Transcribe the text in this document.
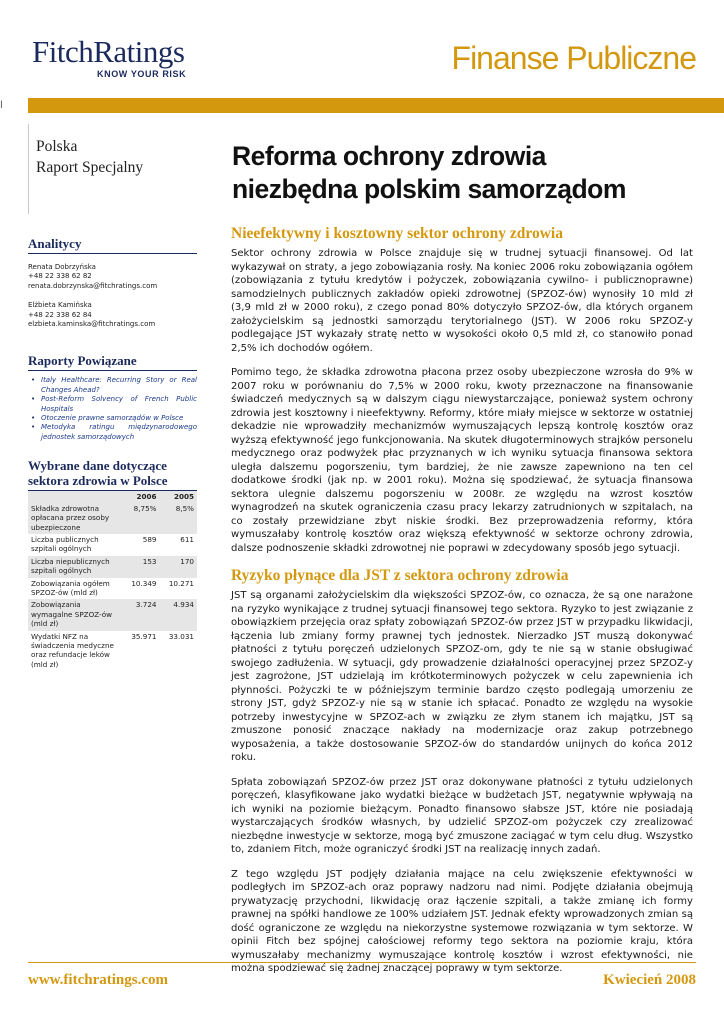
FitchRatings
KNOW YOUR RISK	Finanse Publiczne
l
Polska
Raport Specjalny	Reforma ochrony zdrowia
niezbędna polskim samorządom
Analitycy
Renata Dobrzyńska
+48 22 338 62 82
renata.dobrzynska@fitchratings.com
Elżbieta Kamińska
+48 22 338 62 84
elzbieta.kaminska@fitchratings.com
Raporty Powiązane
• Italy Healthcare: Recurring Story or Real Changes Ahead?
• Post-Reform Solvency of French Public Hospitals
• Otoczenie prawne samorządów w Polsce
• Metodyka ratingu międzynarodowego jednostek samorządowych
Wybrane dane dotyczące sektora zdrowia w Polsce
	2006	2005
Składka zdrowotna opłacana przez osoby ubezpieczone	8,75%	8,5%
Liczba publicznych szpitali ogólnych	589	611
Liczba niepublicznych szpitali ogólnych	153	170
Zobowiązania ogółem SPZOZ-ów (mld zł)	10.349	10.271
Zobowiązania wymagalne SPZOZ-ów (mld zł)	3.724	4.934
Wydatki NFZ na świadczenia medyczne oraz refundacje leków (mld zł)	35.971	33.031
Nieefektywny i kosztowny sektor ochrony zdrowia

Sektor ochrony zdrowia w Polsce znajduje się w trudnej sytuacji finansowej. Od lat wykazywał on straty, a jego zobowiązania rosły. Na koniec 2006 roku zobowiązania ogółem (zobowiązania z tytułu kredytów i pożyczek, zobowiązania cywilno- i publicznoprawne) samodzielnych publicznych zakładów opieki zdrowotnej (SPZOZ-ów) wynosiły 10 mld zł (3,9 mld zł w 2000 roku), z czego ponad 80% dotyczyło SPZOZ-ów, dla których organem założycielskim są jednostki samorządu terytorialnego (JST). W 2006 roku SPZOZ-y podlegające JST wykazały stratę netto w wysokości około 0,5 mld zł, co stanowiło ponad 2,5% ich dochodów ogółem.

Pomimo tego, że składka zdrowotna płacona przez osoby ubezpieczone wzrosła do 9% w 2007 roku w porównaniu do 7,5% w 2000 roku, kwoty przeznaczone na finansowanie świadczeń medycznych są w dalszym ciągu niewystarczające, ponieważ system ochrony zdrowia jest kosztowny i nieefektywny. Reformy, które miały miejsce w sektorze w ostatniej dekadzie nie wprowadziły mechanizmów wymuszających lepszą kontrolę kosztów oraz wyższą efektywność jego funkcjonowania. Na skutek długoterminowych strajków personelu medycznego oraz podwyżek płac przyznanych w ich wyniku sytuacja finansowa sektora uległa dalszemu pogorszeniu, tym bardziej, że nie zawsze zapewniono na ten cel dodatkowe środki (jak np. w 2001 roku). Można się spodziewać, że sytuacja finansowa sektora ulegnie dalszemu pogorszeniu w 2008r. ze względu na wzrost kosztów wynagrodzeń na skutek ograniczenia czasu pracy lekarzy zatrudnionych w szpitalach, na co zostały przewidziane zbyt niskie środki. Bez przeprowadzenia reformy, która wymuszałaby kontrolę kosztów oraz większą efektywność w sektorze ochrony zdrowia, dalsze podnoszenie składki zdrowotnej nie poprawi w zdecydowany sposób jego sytuacji.

Ryzyko płynące dla JST z sektora ochrony zdrowia

JST są organami założycielskim dla większości SPZOZ-ów, co oznacza, że są one narażone na ryzyko wynikające z trudnej sytuacji finansowej tego sektora. Ryzyko to jest związanie z obowiązkiem przejęcia oraz spłaty zobowiązań SPZOZ-ów przez JST w przypadku likwidacji, łączenia lub zmiany formy prawnej tych jednostek. Nierzadko JST muszą dokonywać płatności z tytułu poręczeń udzielonych SPZOZ-om, gdy te nie są w stanie obsługiwać swojego zadłużenia. W sytuacji, gdy prowadzenie działalności operacyjnej przez SPZOZ-y jest zagrożone, JST udzielają im krótkoterminowych pożyczek w celu zapewnienia ich płynności. Pożyczki te w późniejszym terminie bardzo często podlegają umorzeniu ze strony JST, gdyż SPZOZ-y nie są w stanie ich spłacać. Ponadto ze względu na wysokie potrzeby inwestycyjne w SPZOZ-ach w związku ze złym stanem ich majątku, JST są zmuszone ponosić znaczące nakłady na modernizacje oraz zakup potrzebnego wyposażenia, a także dostosowanie SPZOZ-ów do standardów unijnych do końca 2012 roku.

Spłata zobowiązań SPZOZ-ów przez JST oraz dokonywane płatności z tytułu udzielonych poręczeń, klasyfikowane jako wydatki bieżące w budżetach JST, negatywnie wpływają na ich wyniki na poziomie bieżącym. Ponadto finansowo słabsze JST, które nie posiadają wystarczających środków własnych, by udzielić SPZOZ-om pożyczek czy zrealizować niezbędne inwestycje w sektorze, mogą być zmuszone zaciągać w tym celu dług. Wszystko to, zdaniem Fitch, może ograniczyć środki JST na realizację innych zadań.

Z tego względu JST podjęły działania mające na celu zwiększenie efektywności w podległych im SPZOZ-ach oraz poprawy nadzoru nad nimi. Podjęte działania obejmują prywatyzację przychodni, likwidację oraz łączenie szpitali, a także zmianę ich formy prawnej na spółki handlowe ze 100% udziałem JST. Jednak efekty wprowadzonych zmian są dość ograniczone ze względu na niekorzystne systemowe rozwiązania w tym sektorze. W opinii Fitch bez spójnej całościowej reformy tego sektora na poziomie kraju, która wymuszałaby mechanizmy wymuszające kontrolę kosztów i wzrost efektywności, nie można spodziewać się żadnej znaczącej poprawy w tym sektorze.

www.fitchratings.com	Kwiecień 2008
